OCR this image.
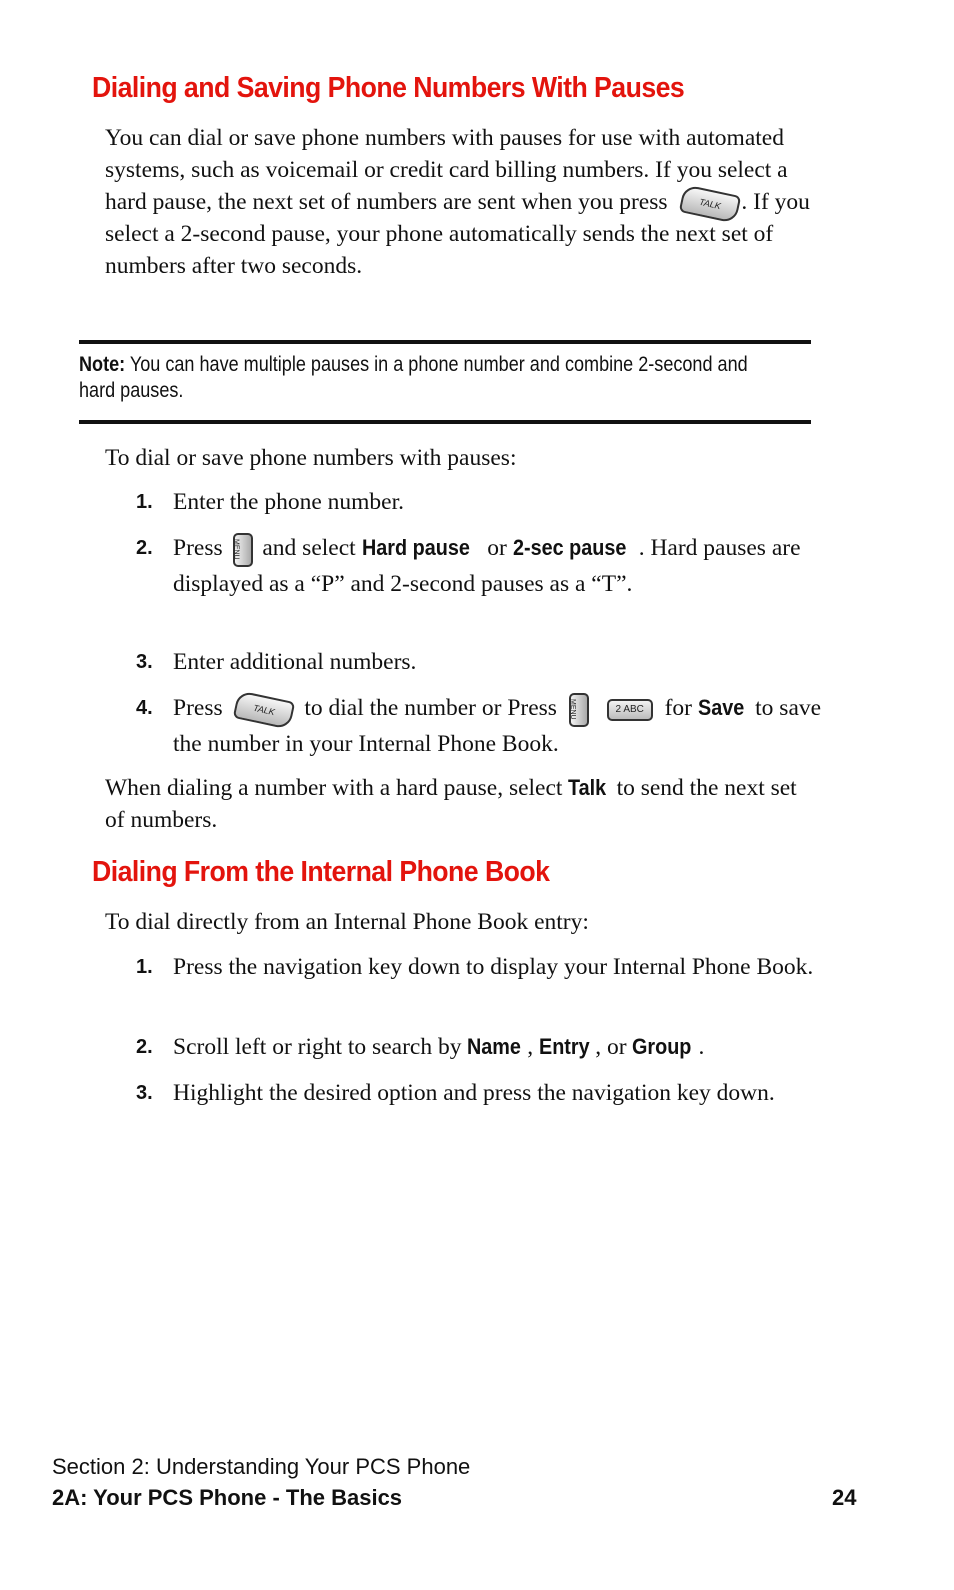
Dialing and Saving Phone Numbers With Pauses

You can dial or save phone numbers with pauses for use with automated systems, such as voicemail or credit card billing numbers. If you select a hard pause, the next set of numbers are sent when you press	TALK . If you select a 2-second pause, your phone automatically sends the next set of numbers after two seconds.

Note: You can have multiple pauses in a phone number and combine 2-second and hard pauses.

To dial or save phone numbers with pauses:

1. Enter the phone number.

2. Press MENU and select Hard pause or 2-sec pause . Hard pauses are displayed as a “P” and 2-second pauses as a “T”.

3. Enter additional numbers.

4. Press	TALK to dial the number or Press MENU	2 ABC for Save to save the number in your Internal Phone Book.

When dialing a number with a hard pause, select Talk to send the next set of numbers.

Dialing From the Internal Phone Book

To dial directly from an Internal Phone Book entry:

1. Press the navigation key down to display your Internal Phone Book.

2. Scroll left or right to search by Name , Entry , or Group .

3. Highlight the desired option and press the navigation key down.

Section 2: Understanding Your PCS Phone
2A: Your PCS Phone - The Basics	24
